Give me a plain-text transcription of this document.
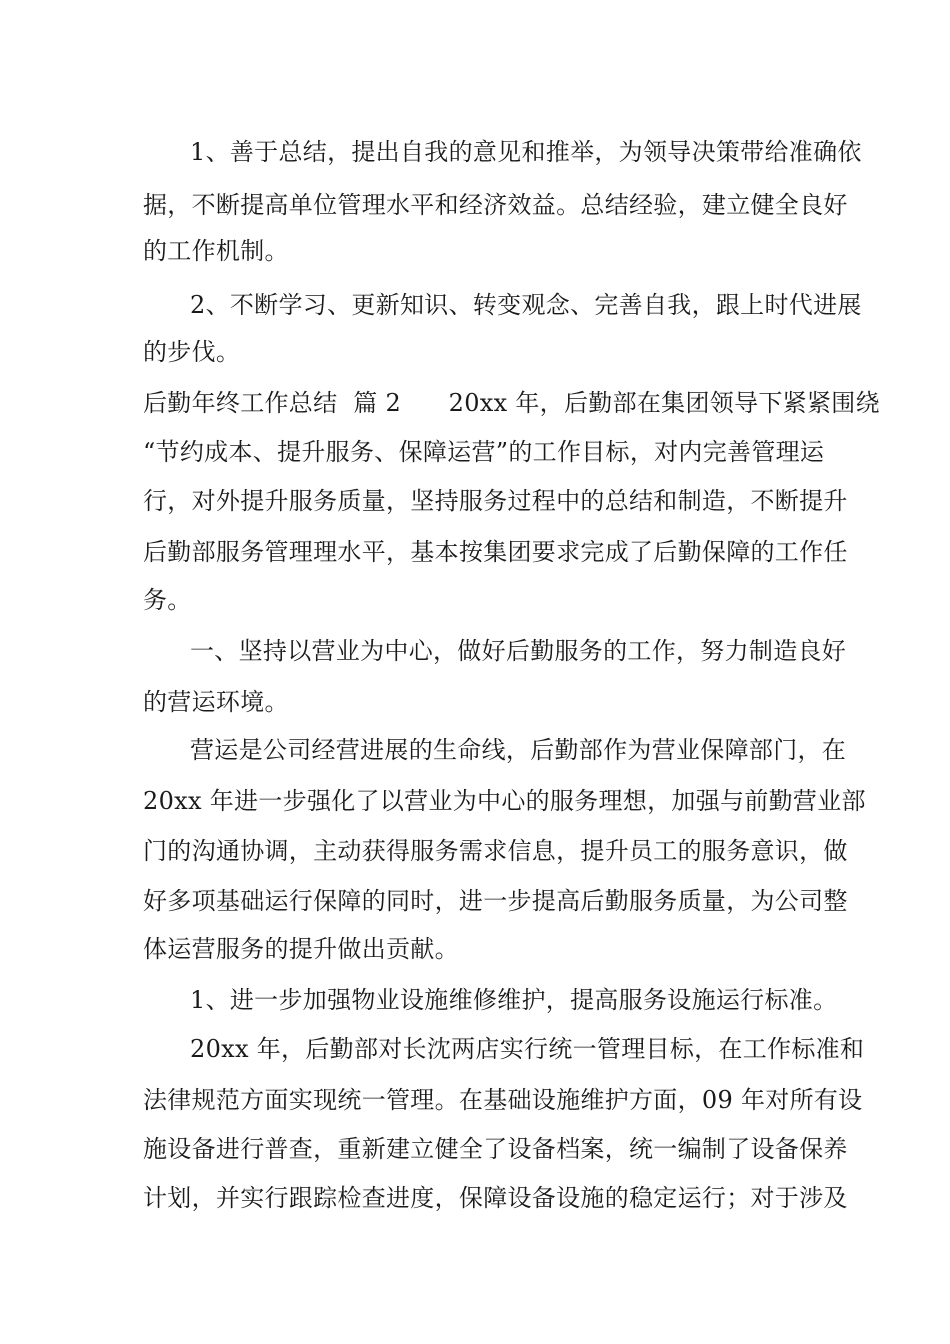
1、善于总结，提出自我的意见和推举，为领导决策带给准确依
据，不断提高单位管理水平和经济效益。总结经验，建立健全良好
的工作机制。
2、不断学习、更新知识、转变观念、完善自我，跟上时代进展
的步伐。
后勤年终工作总结  篇 2      20xx 年，后勤部在集团领导下紧紧围绕
“节约成本、提升服务、保障运营”的工作目标，对内完善管理运
行，对外提升服务质量，坚持服务过程中的总结和制造，不断提升
后勤部服务管理理水平，基本按集团要求完成了后勤保障的工作任
务。
一、坚持以营业为中心，做好后勤服务的工作，努力制造良好
的营运环境。
营运是公司经营进展的生命线，后勤部作为营业保障部门，在
20xx 年进一步强化了以营业为中心的服务理想，加强与前勤营业部
门的沟通协调，主动获得服务需求信息，提升员工的服务意识，做
好多项基础运行保障的同时，进一步提高后勤服务质量，为公司整
体运营服务的提升做出贡献。
1、进一步加强物业设施维修维护，提高服务设施运行标准。
20xx 年，后勤部对长沈两店实行统一管理目标，在工作标准和
法律规范方面实现统一管理。在基础设施维护方面，09 年对所有设
施设备进行普查，重新建立健全了设备档案，统一编制了设备保养
计划，并实行跟踪检查进度，保障设备设施的稳定运行；对于涉及
